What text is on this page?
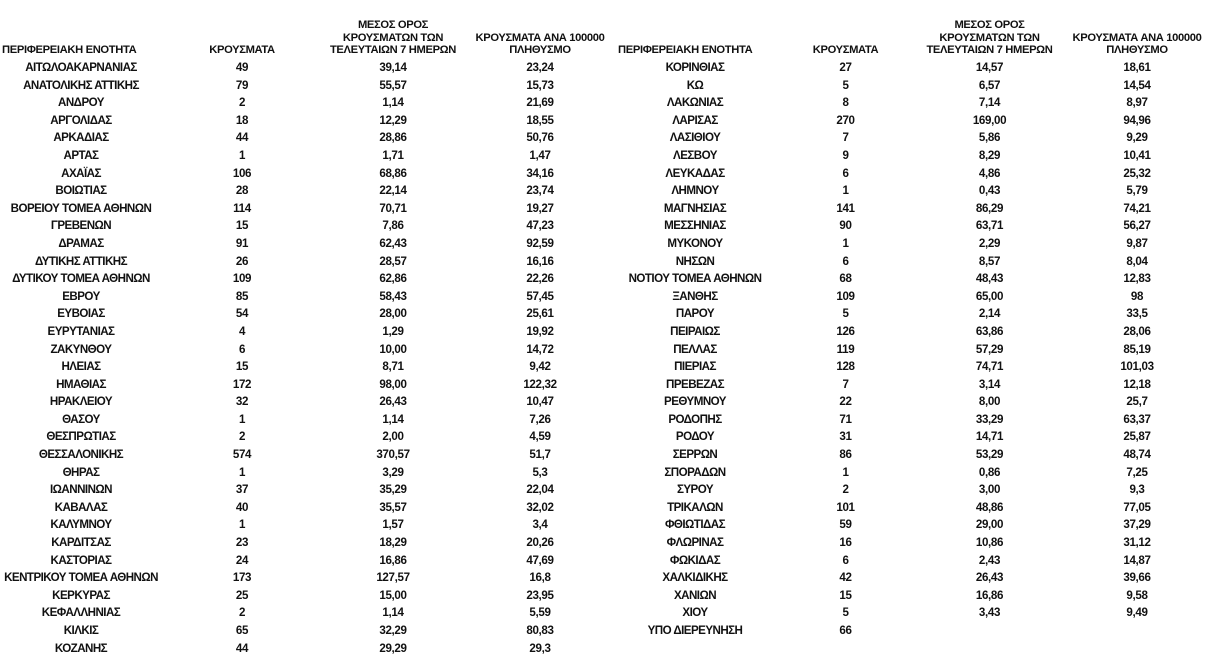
ΠΕΡΙΦΕΡΕΙΑΚΗ ΕΝΟΤΗΤΑ	ΚΡΟΥΣΜΑΤΑ	ΜΕΣΟΣ ΟΡΟΣ ΚΡΟΥΣΜΑΤΩΝ ΤΩΝ ΤΕΛΕΥΤΑΙΩΝ 7 ΗΜΕΡΩΝ	ΚΡΟΥΣΜΑΤΑ ΑΝΑ 100000 ΠΛΗΘΥΣΜΟ
ΑΙΤΩΛΟΑΚΑΡΝΑΝΙΑΣ	49	39,14	23,24
ΑΝΑΤΟΛΙΚΗΣ ΑΤΤΙΚΗΣ	79	55,57	15,73
ΑΝΔΡΟΥ	2	1,14	21,69
ΑΡΓΟΛΙΔΑΣ	18	12,29	18,55
ΑΡΚΑΔΙΑΣ	44	28,86	50,76
ΑΡΤΑΣ	1	1,71	1,47
ΑΧΑΪΑΣ	106	68,86	34,16
ΒΟΙΩΤΙΑΣ	28	22,14	23,74
ΒΟΡΕΙΟΥ ΤΟΜΕΑ ΑΘΗΝΩΝ	114	70,71	19,27
ΓΡΕΒΕΝΩΝ	15	7,86	47,23
ΔΡΑΜΑΣ	91	62,43	92,59
ΔΥΤΙΚΗΣ ΑΤΤΙΚΗΣ	26	28,57	16,16
ΔΥΤΙΚΟΥ ΤΟΜΕΑ ΑΘΗΝΩΝ	109	62,86	22,26
ΕΒΡΟΥ	85	58,43	57,45
ΕΥΒΟΙΑΣ	54	28,00	25,61
ΕΥΡΥΤΑΝΙΑΣ	4	1,29	19,92
ΖΑΚΥΝΘΟΥ	6	10,00	14,72
ΗΛΕΙΑΣ	15	8,71	9,42
ΗΜΑΘΙΑΣ	172	98,00	122,32
ΗΡΑΚΛΕΙΟΥ	32	26,43	10,47
ΘΑΣΟΥ	1	1,14	7,26
ΘΕΣΠΡΩΤΙΑΣ	2	2,00	4,59
ΘΕΣΣΑΛΟΝΙΚΗΣ	574	370,57	51,7
ΘΗΡΑΣ	1	3,29	5,3
ΙΩΑΝΝΙΝΩΝ	37	35,29	22,04
ΚΑΒΑΛΑΣ	40	35,57	32,02
ΚΑΛΥΜΝΟΥ	1	1,57	3,4
ΚΑΡΔΙΤΣΑΣ	23	18,29	20,26
ΚΑΣΤΟΡΙΑΣ	24	16,86	47,69
ΚΕΝΤΡΙΚΟΥ ΤΟΜΕΑ ΑΘΗΝΩΝ	173	127,57	16,8
ΚΕΡΚΥΡΑΣ	25	15,00	23,95
ΚΕΦΑΛΛΗΝΙΑΣ	2	1,14	5,59
ΚΙΛΚΙΣ	65	32,29	80,83
ΚΟΖΑΝΗΣ	44	29,29	29,3
ΠΕΡΙΦΕΡΕΙΑΚΗ ΕΝΟΤΗΤΑ	ΚΡΟΥΣΜΑΤΑ	ΜΕΣΟΣ ΟΡΟΣ ΚΡΟΥΣΜΑΤΩΝ ΤΩΝ ΤΕΛΕΥΤΑΙΩΝ 7 ΗΜΕΡΩΝ	ΚΡΟΥΣΜΑΤΑ ΑΝΑ 100000 ΠΛΗΘΥΣΜΟ
ΚΟΡΙΝΘΙΑΣ	27	14,57	18,61
ΚΩ	5	6,57	14,54
ΛΑΚΩΝΙΑΣ	8	7,14	8,97
ΛΑΡΙΣΑΣ	270	169,00	94,96
ΛΑΣΙΘΙΟΥ	7	5,86	9,29
ΛΕΣΒΟΥ	9	8,29	10,41
ΛΕΥΚΑΔΑΣ	6	4,86	25,32
ΛΗΜΝΟΥ	1	0,43	5,79
ΜΑΓΝΗΣΙΑΣ	141	86,29	74,21
ΜΕΣΣΗΝΙΑΣ	90	63,71	56,27
ΜΥΚΟΝΟΥ	1	2,29	9,87
ΝΗΣΩΝ	6	8,57	8,04
ΝΟΤΙΟΥ ΤΟΜΕΑ ΑΘΗΝΩΝ	68	48,43	12,83
ΞΑΝΘΗΣ	109	65,00	98
ΠΑΡΟΥ	5	2,14	33,5
ΠΕΙΡΑΙΩΣ	126	63,86	28,06
ΠΕΛΛΑΣ	119	57,29	85,19
ΠΙΕΡΙΑΣ	128	74,71	101,03
ΠΡΕΒΕΖΑΣ	7	3,14	12,18
ΡΕΘΥΜΝΟΥ	22	8,00	25,7
ΡΟΔΟΠΗΣ	71	33,29	63,37
ΡΟΔΟΥ	31	14,71	25,87
ΣΕΡΡΩΝ	86	53,29	48,74
ΣΠΟΡΑΔΩΝ	1	0,86	7,25
ΣΥΡΟΥ	2	3,00	9,3
ΤΡΙΚΑΛΩΝ	101	48,86	77,05
ΦΘΙΩΤΙΔΑΣ	59	29,00	37,29
ΦΛΩΡΙΝΑΣ	16	10,86	31,12
ΦΩΚΙΔΑΣ	6	2,43	14,87
ΧΑΛΚΙΔΙΚΗΣ	42	26,43	39,66
ΧΑΝΙΩΝ	15	16,86	9,58
ΧΙΟΥ	5	3,43	9,49
ΥΠΟ ΔΙΕΡΕΥΝΗΣΗ	66		
